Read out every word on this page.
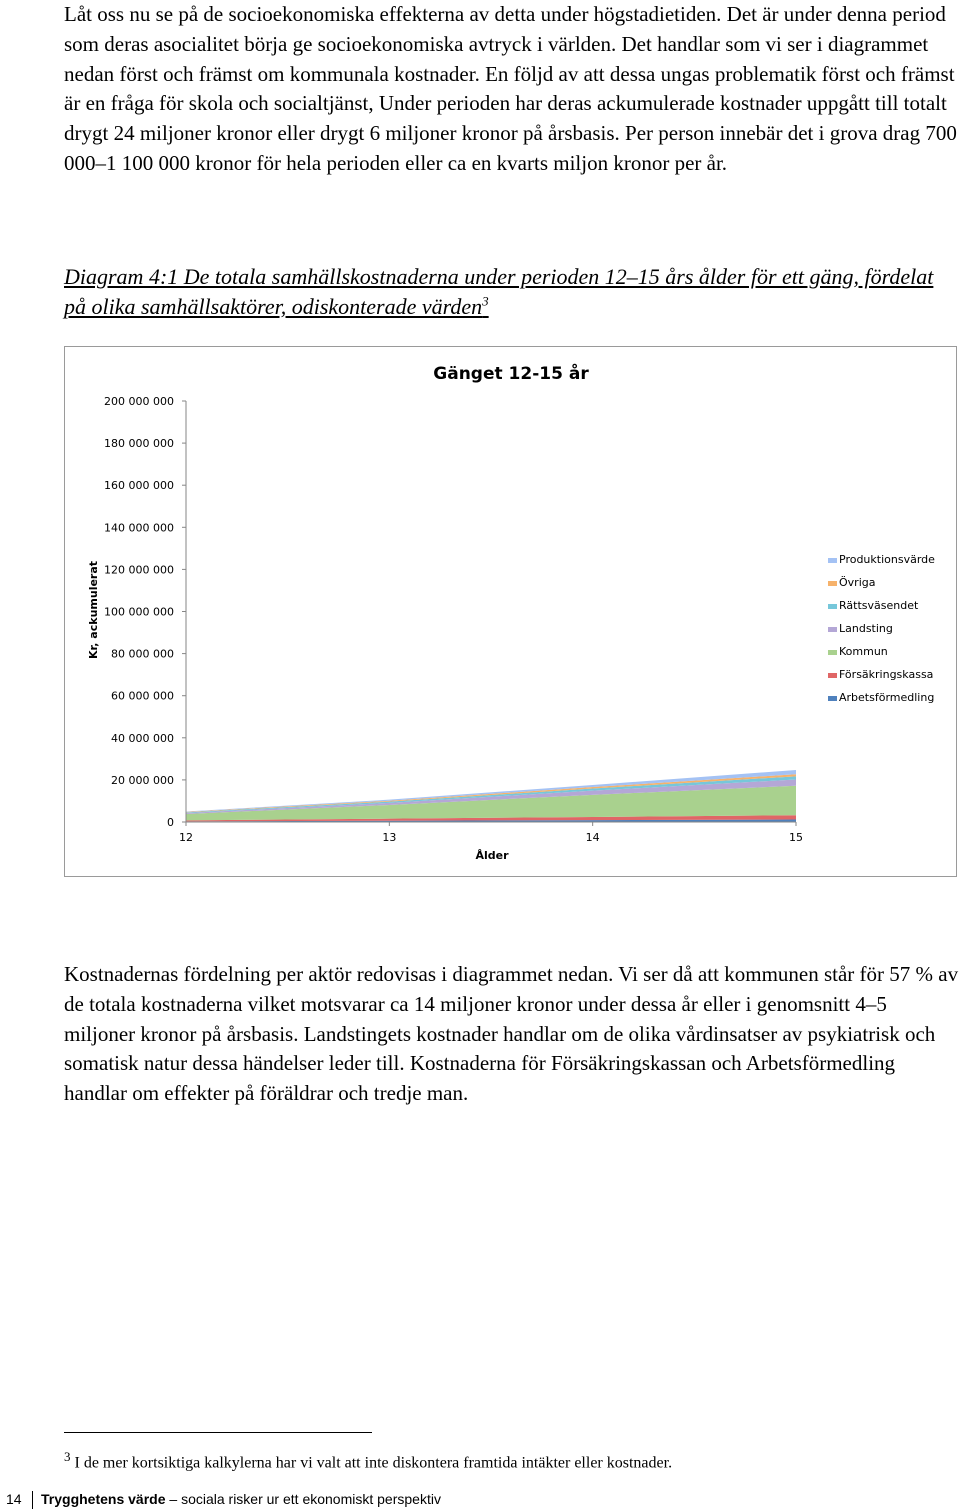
Låt oss nu se på de socioekonomiska effekterna av detta under högstadietiden. Det är under denna period som deras asocialitet börja ge socioekonomiska avtryck i världen. Det handlar som vi ser i diagrammet nedan först och främst om kommunala kostnader. En följd av att dessa ungas problematik först och främst är en fråga för skola och socialtjänst, Under perioden har deras ackumulerade kostnader uppgått till totalt drygt 24 miljoner kronor eller drygt 6 miljoner kronor på årsbasis. Per person innebär det i grova drag 700 000–1 100 000 kronor för hela perioden eller ca en kvarts miljon kronor per år.

Diagram 4:1 De totala samhällskostnaderna under perioden 12–15 års ålder för ett gäng, fördelat på olika samhällsaktörer, odiskonterade värden$^3$

0
20 000 000
40 000 000
60 000 000
80 000 000
100 000 000
120 000 000
140 000 000
160 000 000
180 000 000
200 000 000
12	13	14	15
Produktionsvärde
Övriga
Rättsväsendet
Landsting
Kommun
Försäkringskassa
Arbetsförmedling
Gänget 12-15 år
Ålder
Kr, ackumulerat

Kostnadernas fördelning per aktör redovisas i diagrammet nedan. Vi ser då att kommunen står för 57 % av de totala kostnaderna vilket motsvarar ca 14 miljoner kronor under dessa år eller i genomsnitt 4–5 miljoner kronor på årsbasis. Landstingets kostnader handlar om de olika vårdinsatser av psykiatrisk och somatisk natur dessa händelser leder till. Kostnaderna för Försäkringskassan och Arbetsförmedling handlar om effekter på föräldrar och tredje man.

$^3$ I de mer kortsiktiga kalkylerna har vi valt att inte diskontera framtida intäkter eller kostnader.

14 Trygghetens värde – sociala risker ur ett ekonomiskt perspektiv
